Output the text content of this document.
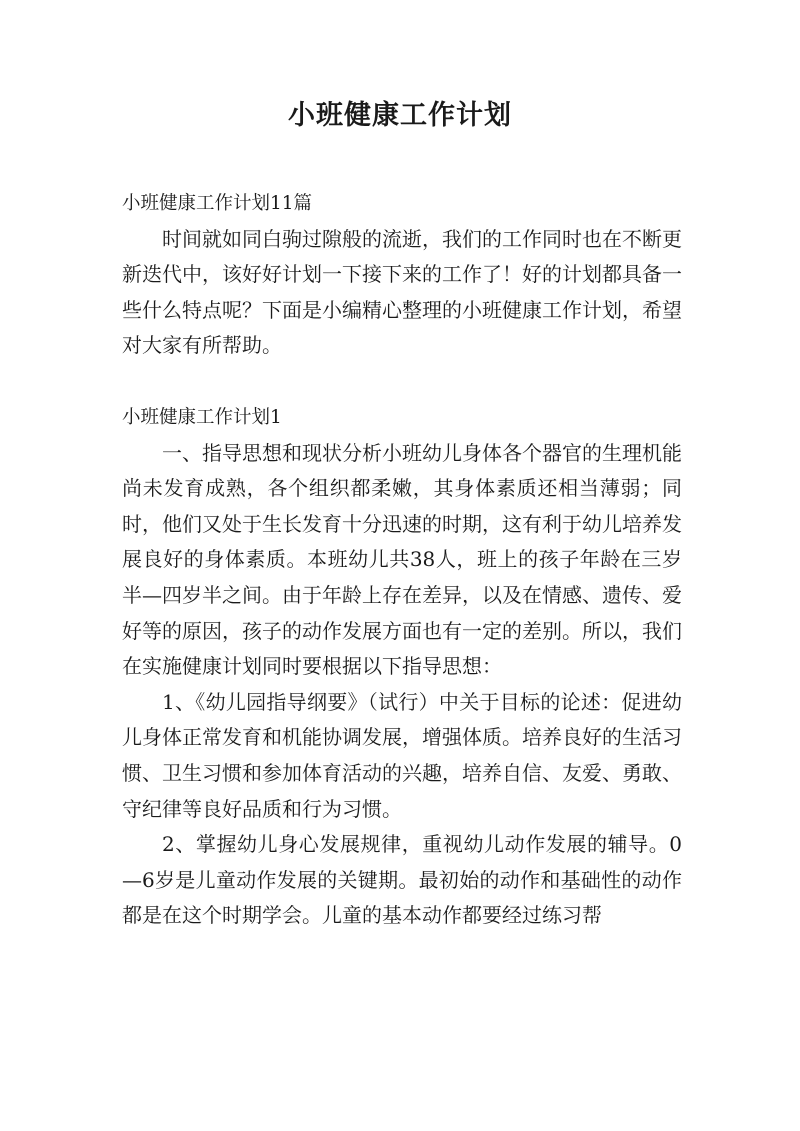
小班健康工作计划

小班健康工作计划11篇

时间就如同白驹过隙般的流逝，我们的工作同时也在不断更新迭代中，该好好计划一下接下来的工作了！好的计划都具备一些什么特点呢？下面是小编精心整理的小班健康工作计划，希望对大家有所帮助。

小班健康工作计划1

一、指导思想和现状分析小班幼儿身体各个器官的生理机能尚未发育成熟，各个组织都柔嫩，其身体素质还相当薄弱；同时，他们又处于生长发育十分迅速的时期，这有利于幼儿培养发展良好的身体素质。本班幼儿共38人，班上的孩子年龄在三岁半—四岁半之间。由于年龄上存在差异，以及在情感、遗传、爱好等的原因，孩子的动作发展方面也有一定的差别。所以，我们在实施健康计划同时要根据以下指导思想：

1、《幼儿园指导纲要》（试行）中关于目标的论述：促进幼儿身体正常发育和机能协调发展，增强体质。培养良好的生活习惯、卫生习惯和参加体育活动的兴趣，培养自信、友爱、勇敢、守纪律等良好品质和行为习惯。

2、掌握幼儿身心发展规律，重视幼儿动作发展的辅导。0—6岁是儿童动作发展的关键期。最初始的动作和基础性的动作都是在这个时期学会。儿童的基本动作都要经过练习帮
